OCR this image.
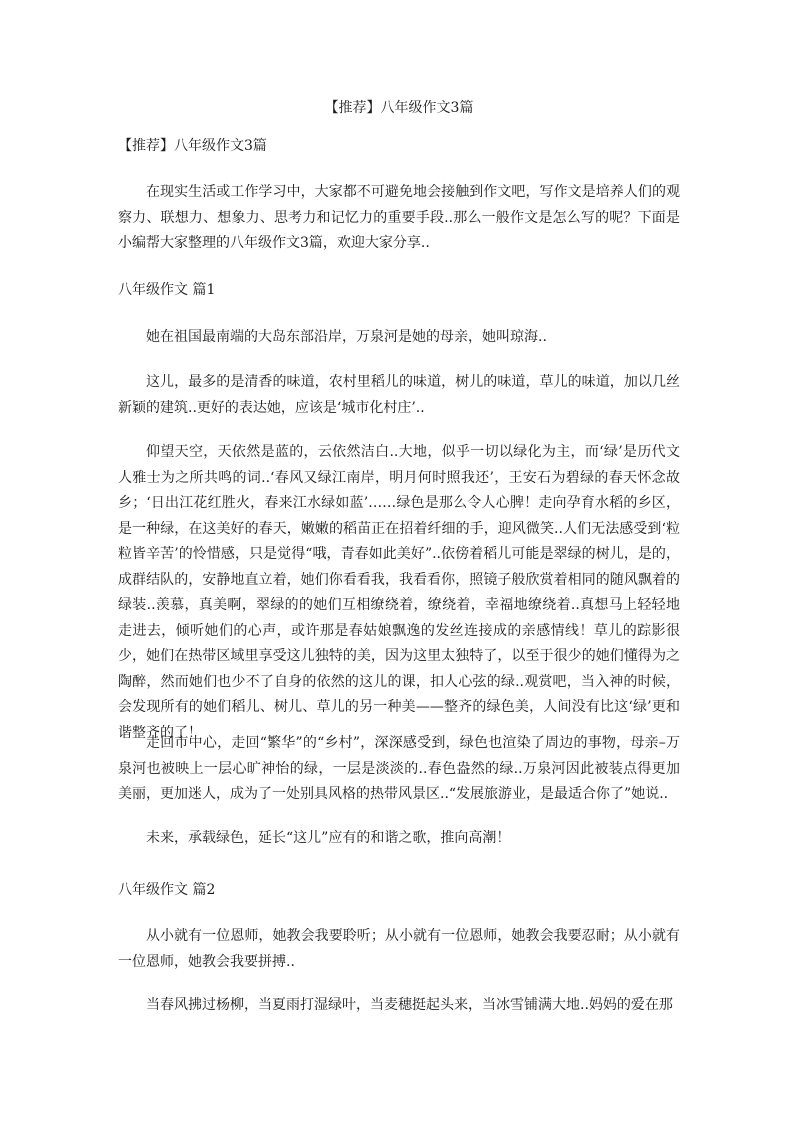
【推荐】八年级作文3篇
【推荐】八年级作文3篇

在现实生活或工作学习中，大家都不可避免地会接触到作文吧，写作文是培养人们的观察力、联想力、想象力、思考力和记忆力的重要手段..那么一般作文是怎么写的呢？下面是小编帮大家整理的八年级作文3篇，欢迎大家分享..

八年级作文 篇1

她在祖国最南端的大岛东部沿岸，万泉河是她的母亲，她叫琼海..

这儿，最多的是清香的味道，农村里稻儿的味道，树儿的味道，草儿的味道，加以几丝新颖的建筑..更好的表达她，应该是‘城市化村庄’..

仰望天空，天依然是蓝的，云依然洁白..大地，似乎一切以绿化为主，而‘绿’是历代文人雅士为之所共鸣的词..‘春风又绿江南岸，明月何时照我还’，王安石为碧绿的春天怀念故乡；‘日出江花红胜火，春来江水绿如蓝’……绿色是那么令人心脾！走向孕育水稻的乡区，是一种绿，在这美好的春天，嫩嫩的稻苗正在招着纤细的手，迎风微笑..人们无法感受到‘粒粒皆辛苦’的怜惜感，只是觉得“哦，青春如此美好”..依傍着稻儿可能是翠绿的树儿，是的，成群结队的，安静地直立着，她们你看看我，我看看你，照镜子般欣赏着相同的随风飘着的绿装..羡慕，真美啊，翠绿的的她们互相缭绕着，缭绕着，幸福地缭绕着..真想马上轻轻地走进去，倾听她们的心声，或许那是春姑娘飘逸的发丝连接成的亲感情线！草儿的踪影很少，她们在热带区域里享受这儿独特的美，因为这里太独特了，以至于很少的她们懂得为之陶醉，然而她们也少不了自身的依然的这儿的课，扣人心弦的绿..观赏吧，当入神的时候，会发现所有的她们稻儿、树儿、草儿的另一种美——整齐的绿色美，人间没有比这‘绿’更和谐整齐的了！

走回市中心，走回“繁华”的“乡村”，深深感受到，绿色也渲染了周边的事物，母亲–万泉河也被映上一层心旷神怡的绿，一层是淡淡的..春色盎然的绿..万泉河因此被装点得更加美丽，更加迷人，成为了一处别具风格的热带风景区..“发展旅游业，是最适合你了”她说..

未来，承载绿色，延长“这儿”应有的和谐之歌，推向高潮！

八年级作文 篇2

从小就有一位恩师，她教会我要聆听；从小就有一位恩师，她教会我要忍耐；从小就有一位恩师，她教会我要拼搏..

当春风拂过杨柳，当夏雨打湿绿叶，当麦穗挺起头来，当冰雪铺满大地..妈妈的爱在那
